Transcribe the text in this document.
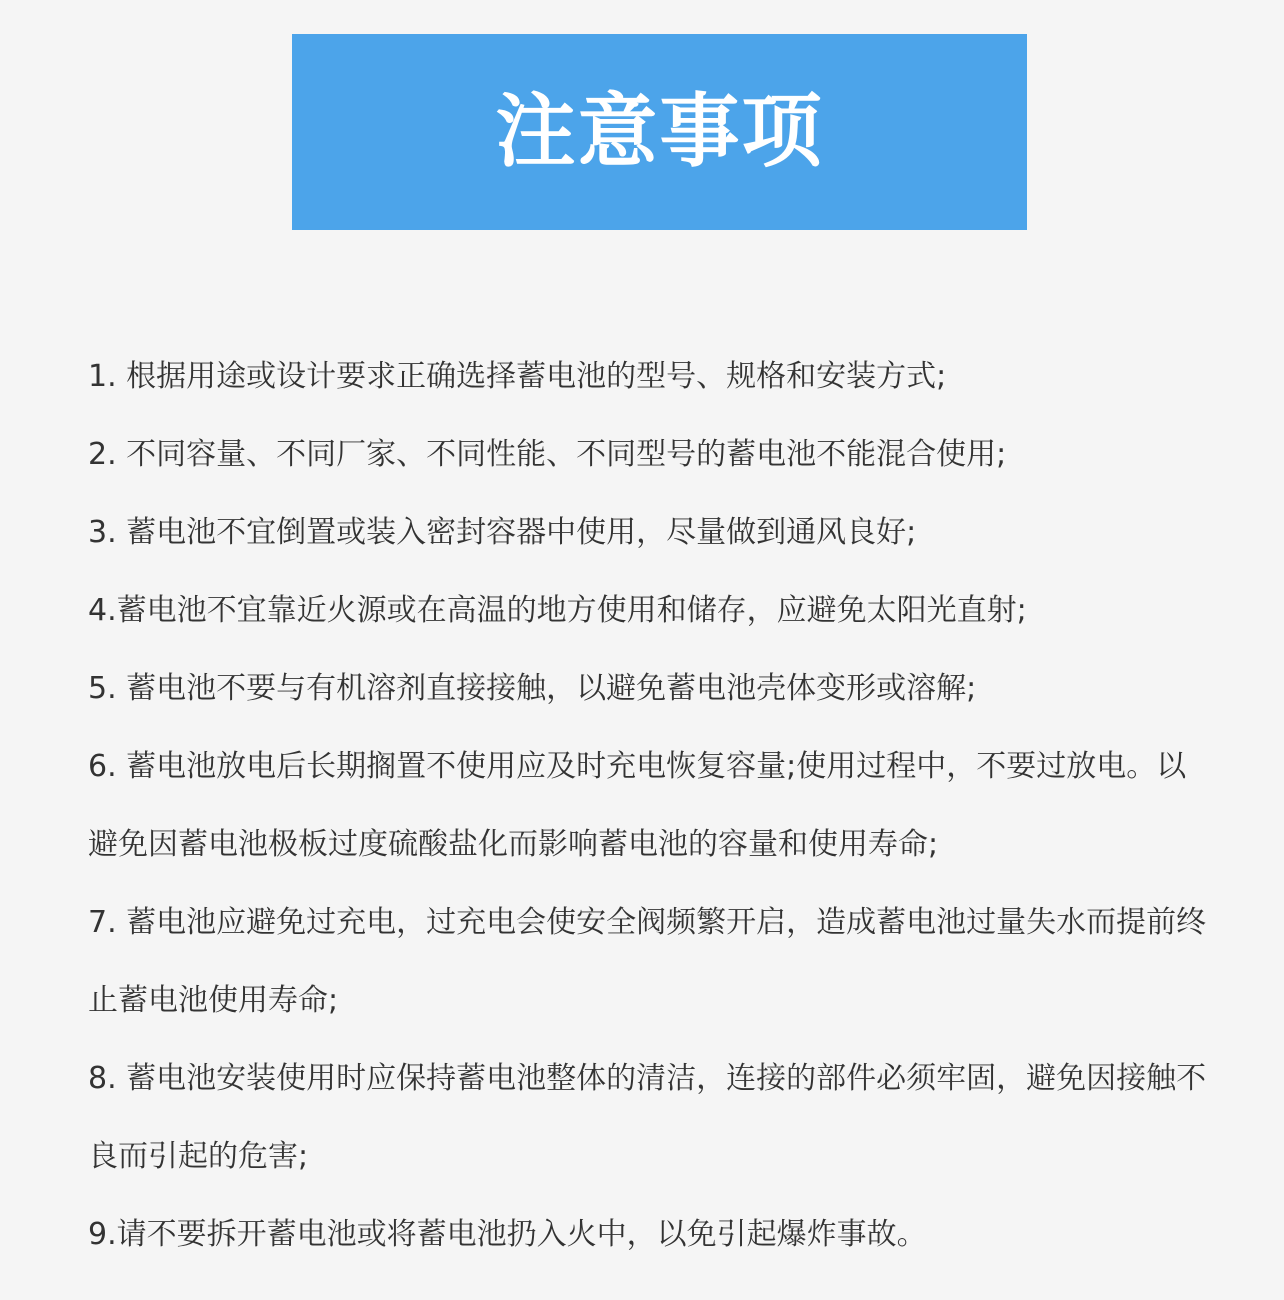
注意事项

1. 根据用途或设计要求正确选择蓄电池的型号、规格和安装方式;

2. 不同容量、不同厂家、不同性能、不同型号的蓄电池不能混合使用;

3. 蓄电池不宜倒置或装入密封容器中使用，尽量做到通风良好;

4.蓄电池不宜靠近火源或在高温的地方使用和储存，应避免太阳光直射;

5. 蓄电池不要与有机溶剂直接接触，以避免蓄电池壳体变形或溶解;

6. 蓄电池放电后长期搁置不使用应及时充电恢复容量;使用过程中，不要过放电。以避免因蓄电池极板过度硫酸盐化而影响蓄电池的容量和使用寿命;

7. 蓄电池应避免过充电，过充电会使安全阀频繁开启，造成蓄电池过量失水而提前终止蓄电池使用寿命;

8. 蓄电池安装使用时应保持蓄电池整体的清洁，连接的部件必须牢固，避免因接触不良而引起的危害;

9.请不要拆开蓄电池或将蓄电池扔入火中，以免引起爆炸事故。
